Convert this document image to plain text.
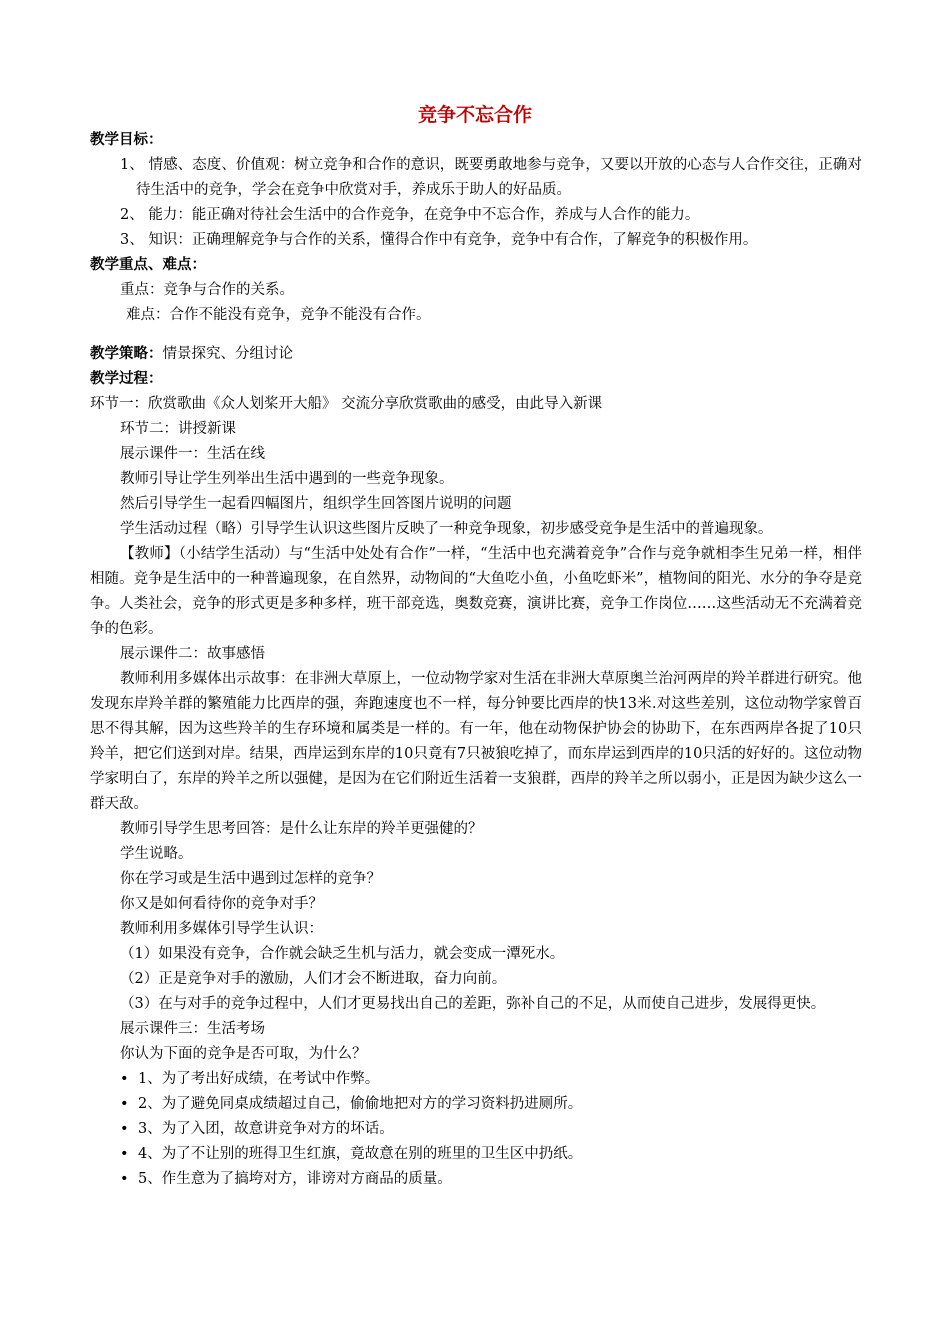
竞争不忘合作
教学目标：
1、 情感、态度、价值观：树立竞争和合作的意识，既要勇敢地参与竞争，又要以开放的心态与人合作交往，正确对待生活中的竞争，学会在竞争中欣赏对手，养成乐于助人的好品质。
2、 能力：能正确对待社会生活中的合作竞争，在竞争中不忘合作，养成与人合作的能力。
3、 知识：正确理解竞争与合作的关系，懂得合作中有竞争，竞争中有合作，了解竞争的积极作用。
教学重点、难点：
重点：竞争与合作的关系。
难点：合作不能没有竞争，竞争不能没有合作。
教学策略：情景探究、分组讨论
教学过程：
环节一：欣赏歌曲《众人划桨开大船》 交流分享欣赏歌曲的感受，由此导入新课
环节二：讲授新课
展示课件一：生活在线
教师引导让学生列举出生活中遇到的一些竞争现象。
然后引导学生一起看四幅图片，组织学生回答图片说明的问题
学生活动过程（略）引导学生认识这些图片反映了一种竞争现象，初步感受竞争是生活中的普遍现象。
【教师】（小结学生活动）与“生活中处处有合作”一样，“生活中也充满着竞争”合作与竞争就相李生兄弟一样，相伴相随。竞争是生活中的一种普遍现象，在自然界，动物间的“大鱼吃小鱼，小鱼吃虾米”，植物间的阳光、水分的争夺是竞争。人类社会，竞争的形式更是多种多样，班干部竞选，奥数竞赛，演讲比赛，竞争工作岗位……这些活动无不充满着竞争的色彩。
展示课件二：故事感悟
教师利用多媒体出示故事：在非洲大草原上，一位动物学家对生活在非洲大草原奥兰治河两岸的羚羊群进行研究。他发现东岸羚羊群的繁殖能力比西岸的强，奔跑速度也不一样，每分钟要比西岸的快13米.对这些差别，这位动物学家曾百思不得其解，因为这些羚羊的生存环境和属类是一样的。有一年，他在动物保护协会的协助下，在东西两岸各捉了10只羚羊，把它们送到对岸。结果，西岸运到东岸的10只竟有7只被狼吃掉了，而东岸运到西岸的10只活的好好的。这位动物学家明白了，东岸的羚羊之所以强健，是因为在它们附近生活着一支狼群，西岸的羚羊之所以弱小，正是因为缺少这么一群天敌。
教师引导学生思考回答：是什么让东岸的羚羊更强健的？
学生说略。
你在学习或是生活中遇到过怎样的竞争？
你又是如何看待你的竞争对手？
教师利用多媒体引导学生认识：
（1）如果没有竞争，合作就会缺乏生机与活力，就会变成一潭死水。
（2）正是竞争对手的激励，人们才会不断进取，奋力向前。
（3）在与对手的竞争过程中，人们才更易找出自己的差距，弥补自己的不足，从而使自己进步，发展得更快。
展示课件三：生活考场
你认为下面的竞争是否可取，为什么？
• 1、为了考出好成绩，在考试中作弊。
• 2、为了避免同桌成绩超过自己，偷偷地把对方的学习资料扔进厕所。
• 3、为了入团，故意讲竞争对方的坏话。
• 4、为了不让别的班得卫生红旗，竟故意在别的班里的卫生区中扔纸。
• 5、作生意为了搞垮对方，诽谤对方商品的质量。
